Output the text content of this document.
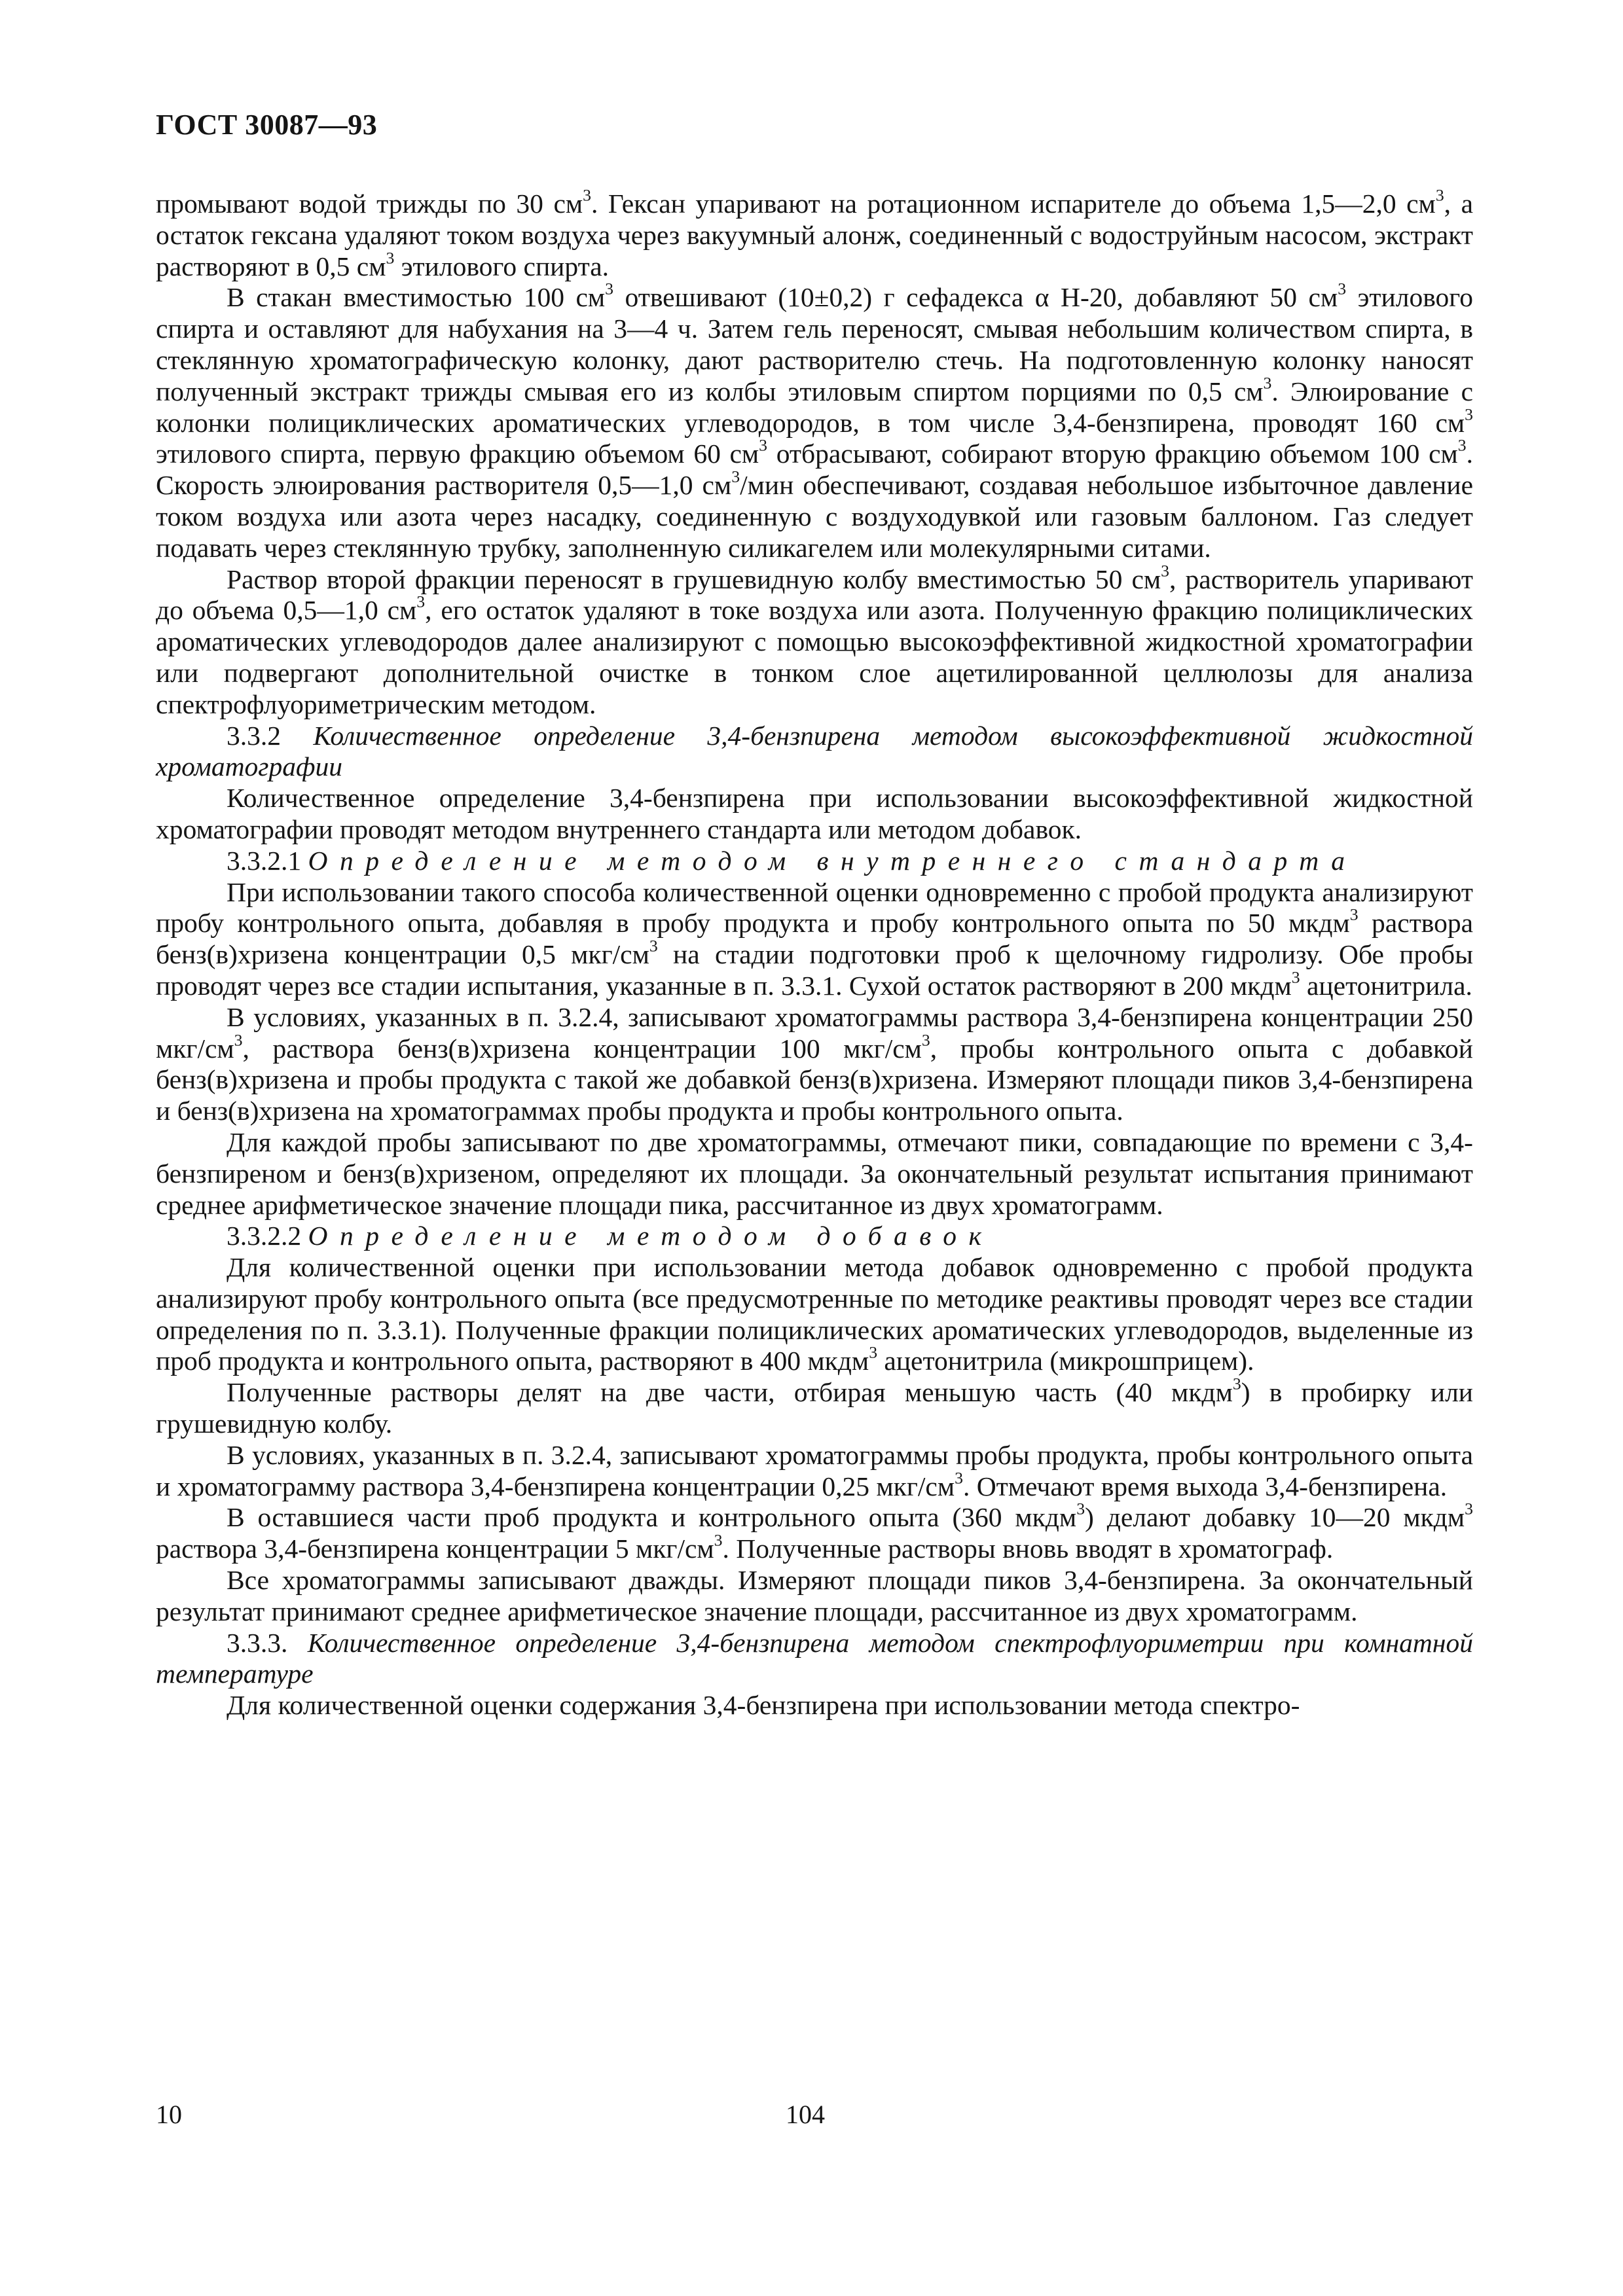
ГОСТ 30087—93

промывают водой трижды по 30 $см^3$. Гексан упаривают на ротационном испарителе до объема 1,5—2,0 $см^3$, а остаток гексана удаляют током воздуха через вакуумный алонж, соединенный с водоструйным насосом, экстракт растворяют в 0,5 $см^3$ этилового спирта.

В стакан вместимостью 100 $см^3$ отвешивают (10±0,2) г сефадекса α Н-20, добавляют 50 $см^3$ этилового спирта и оставляют для набухания на 3—4 ч. Затем гель переносят, смывая небольшим количеством спирта, в стеклянную хроматографическую колонку, дают растворителю стечь. На подготовленную колонку наносят полученный экстракт трижды смывая его из колбы этиловым спиртом порциями по 0,5 $см^3$. Элюирование с колонки полициклических ароматических углеводородов, в том числе 3,4-бензпирена, проводят 160 $см^3$ этилового спирта, первую фракцию объемом 60 $см^3$ отбрасывают, собирают вторую фракцию объемом 100 $см^3$. Скорость элюирования растворителя 0,5—1,0 $см^3$/мин обеспечивают, создавая небольшое избыточное давление током воздуха или азота через насадку, соединенную с воздуходувкой или газовым баллоном. Газ следует подавать через стеклянную трубку, заполненную силикагелем или молекулярными ситами.

Раствор второй фракции переносят в грушевидную колбу вместимостью 50 $см^3$, растворитель упаривают до объема 0,5—1,0 $см^3$, его остаток удаляют в токе воздуха или азота. Полученную фракцию полициклических ароматических углеводородов далее анализируют с помощью высокоэффективной жидкостной хроматографии или подвергают дополнительной очистке в тонком слое ацетилированной целлюлозы для анализа спектрофлуориметрическим методом.

3.3.2 Количественное определение 3,4-бензпирена методом высокоэффективной жидкостной хроматографии

Количественное определение 3,4-бензпирена при использовании высокоэффективной жидкостной хроматографии проводят методом внутреннего стандарта или методом добавок.

3.3.2.1 Определение методом внутреннего стандарта

При использовании такого способа количественной оценки одновременно с пробой продукта анализируют пробу контрольного опыта, добавляя в пробу продукта и пробу контрольного опыта по 50 мкдм$^3$ раствора бенз(в)хризена концентрации 0,5 мкг/$см^3$ на стадии подготовки проб к щелочному гидролизу. Обе пробы проводят через все стадии испытания, указанные в п. 3.3.1. Сухой остаток растворяют в 200 мкдм$^3$ ацетонитрила.

В условиях, указанных в п. 3.2.4, записывают хроматограммы раствора 3,4-бензпирена концентрации 250 мкг/$см^3$, раствора бенз(в)хризена концентрации 100 мкг/$см^3$, пробы контрольного опыта с добавкой бенз(в)хризена и пробы продукта с такой же добавкой бенз(в)хризена. Измеряют площади пиков 3,4-бензпирена и бенз(в)хризена на хроматограммах пробы продукта и пробы контрольного опыта.

Для каждой пробы записывают по две хроматограммы, отмечают пики, совпадающие по времени с 3,4-бензпиреном и бенз(в)хризеном, определяют их площади. За окончательный результат испытания принимают среднее арифметическое значение площади пика, рассчитанное из двух хроматограмм.

3.3.2.2 Определение методом добавок

Для количественной оценки при использовании метода добавок одновременно с пробой продукта анализируют пробу контрольного опыта (все предусмотренные по методике реактивы проводят через все стадии определения по п. 3.3.1). Полученные фракции полициклических ароматических углеводородов, выделенные из проб продукта и контрольного опыта, растворяют в 400 мкдм$^3$ ацетонитрила (микрошприцем).

Полученные растворы делят на две части, отбирая меньшую часть (40 мкдм$^3$) в пробирку или грушевидную колбу.

В условиях, указанных в п. 3.2.4, записывают хроматограммы пробы продукта, пробы контрольного опыта и хроматограмму раствора 3,4-бензпирена концентрации 0,25 мкг/$см^3$. Отмечают время выхода 3,4-бензпирена.

В оставшиеся части проб продукта и контрольного опыта (360 мкдм$^3$) делают добавку 10—20 мкдм$^3$ раствора 3,4-бензпирена концентрации 5 мкг/$см^3$. Полученные растворы вновь вводят в хроматограф.

Все хроматограммы записывают дважды. Измеряют площади пиков 3,4-бензпирена. За окончательный результат принимают среднее арифметическое значение площади, рассчитанное из двух хроматограмм.

3.3.3. Количественное определение 3,4-бензпирена методом спектрофлуориметрии при комнатной температуре

Для количественной оценки содержания 3,4-бензпирена при использовании метода спектро-

10	104
